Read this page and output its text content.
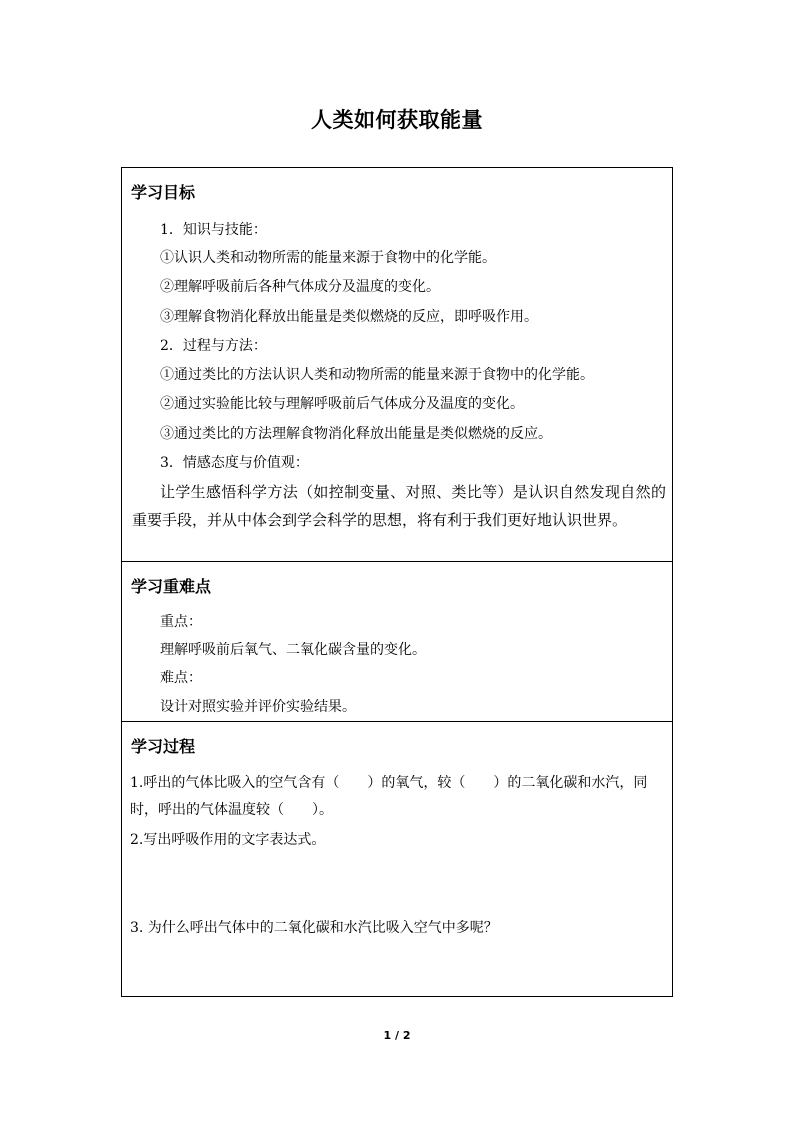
人类如何获取能量
学习目标
1．知识与技能：
①认识人类和动物所需的能量来源于食物中的化学能。
②理解呼吸前后各种气体成分及温度的变化。
③理解食物消化释放出能量是类似燃烧的反应，即呼吸作用。
2．过程与方法：
①通过类比的方法认识人类和动物所需的能量来源于食物中的化学能。
②通过实验能比较与理解呼吸前后气体成分及温度的变化。
③通过类比的方法理解食物消化释放出能量是类似燃烧的反应。
3．情感态度与价值观：
让学生感悟科学方法（如控制变量、对照、类比等）是认识自然发现自然的重要手段，并从中体会到学会科学的思想，将有利于我们更好地认识世界。
学习重难点
重点：
理解呼吸前后氧气、二氧化碳含量的变化。
难点：
设计对照实验并评价实验结果。
学习过程
1.呼出的气体比吸入的空气含有（　　）的氧气，较（　　）的二氧化碳和水汽，同时，呼出的气体温度较（　　）。
2.写出呼吸作用的文字表达式。
3. 为什么呼出气体中的二氧化碳和水汽比吸入空气中多呢？
1 / 2
